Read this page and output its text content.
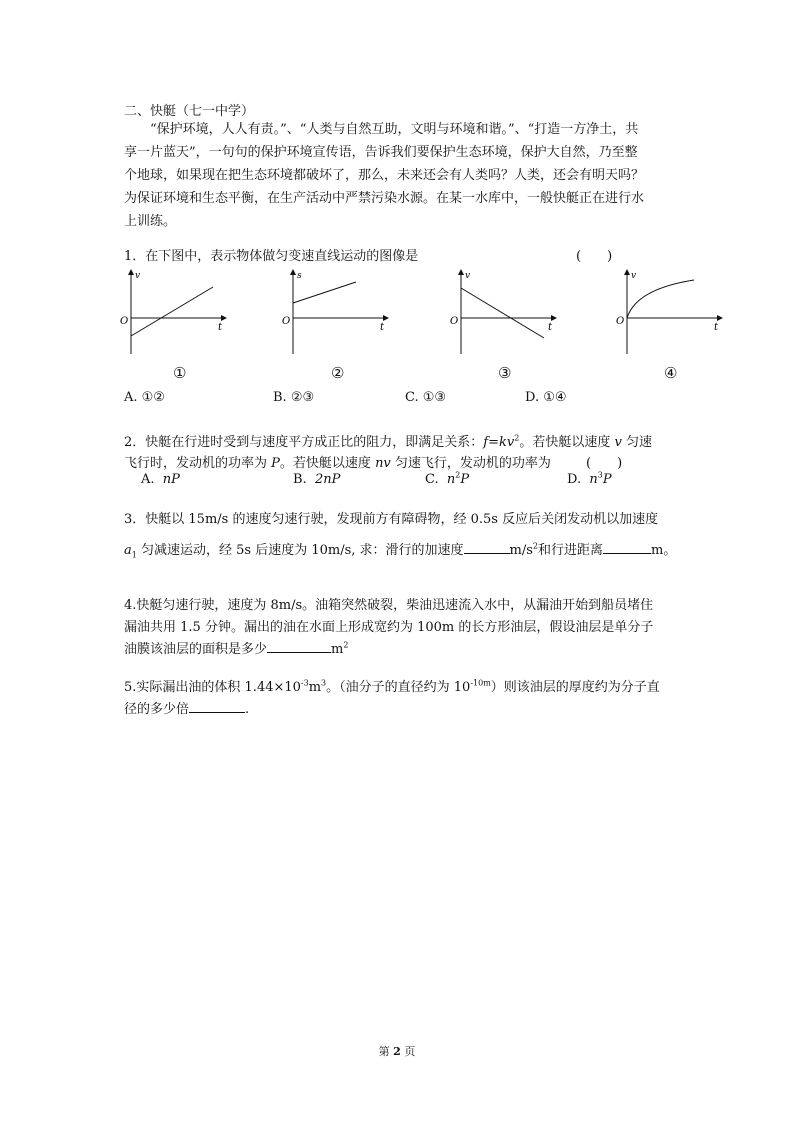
二、快艇（七一中学）

“保护环境，人人有责。”、“人类与自然互助，文明与环境和谐。”、“打造一方净土，共享一片蓝天”，一句句的保护环境宣传语，告诉我们要保护生态环境，保护大自然，乃至整个地球，如果现在把生态环境都破坏了，那么，未来还会有人类吗？人类，还会有明天吗？为保证环境和生态平衡，在生产活动中严禁污染水源。在某一水库中，一般快艇正在进行水上训练。

1．在下图中，表示物体做匀变速直线运动的图像是	(　　)
v
t
O
s
t
O
v
t
O
v
t
O
①	②	③	④
A. ①②	B. ②③	C. ①③	D. ①④
2．快艇在行进时受到与速度平方成正比的阻力，即满足关系：$f=kv^2$。若快艇以速度 v 匀速
飞行时，发动机的功率为 P。若快艇以速度 nv 匀速飞行，发动机的功率为	(　　)
A. nP	B. 2nP	C. $n^2P$	D. $n^3P$
3．快艇以 15m/s 的速度匀速行驶，发现前方有障碍物，经 0.5s 反应后关闭发动机以加速度
$a_1$ 匀减速运动，经 5s 后速度为 10m/s, 求：滑行的加速度	$m/s^2$和行进距离	m。
4.快艇匀速行驶，速度为 8m/s。油箱突然破裂，柴油迅速流入水中，从漏油开始到船员堵住
漏油共用 1.5 分钟。漏出的油在水面上形成宽约为 100m 的长方形油层，假设油层是单分子
油膜该油层的面积是多少	$m^2$
5.实际漏出油的体积 $1.44\times 10^{-3}m^3$。（油分子的直径约为 $10^{-10m}$）则该油层的厚度约为分子直
径的多少倍	.
第 2 页
